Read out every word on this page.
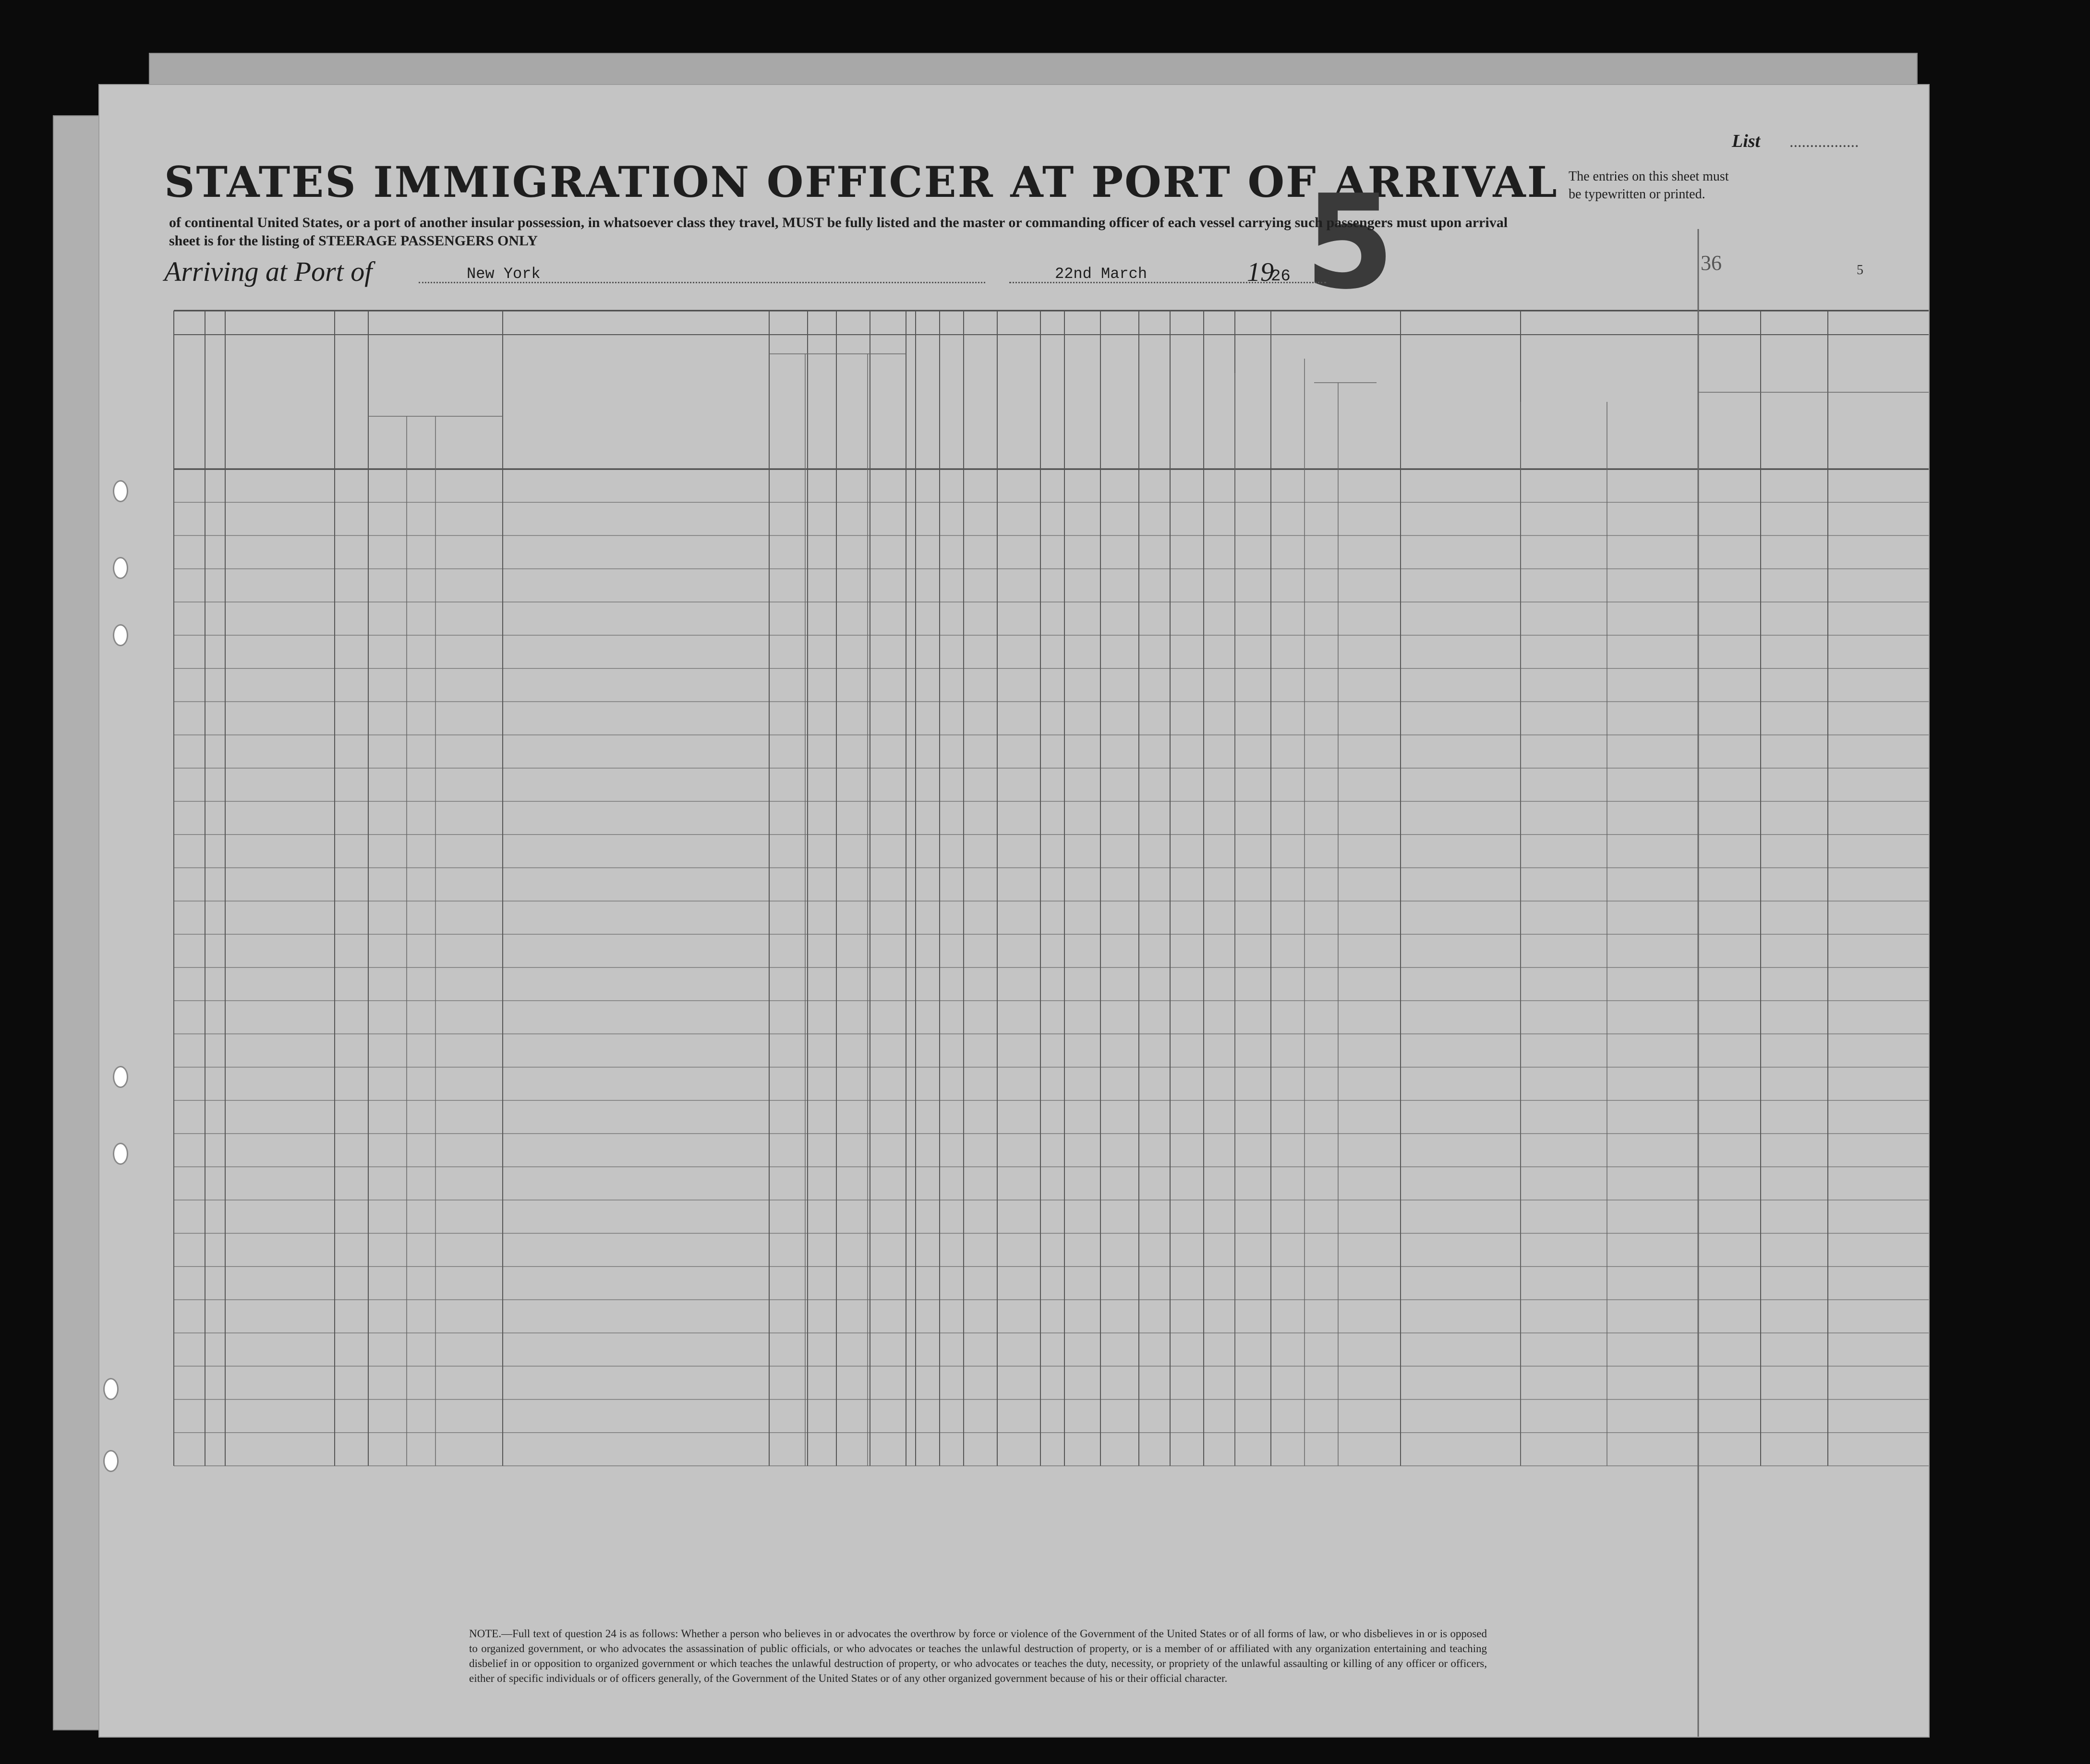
List .................
STATES IMMIGRATION OFFICER AT PORT OF ARRIVAL The entries on this sheet must
be typewritten or printed.
5
of continental United States, or a port of another insular possession, in whatsoever class they travel, MUST be fully listed and the master or commanding officer of each vessel carrying such passengers must upon arrival
sheet is for the listing of STEERAGE PASSENGERS ONLY
Arriving at Port of	New York	22nd March	19
26
36	5
NOTE.—Full text of question 24 is as follows: Whether a person who believes in or advocates the overthrow by force or violence of the Government of the United States or of all forms of law, or who disbelieves in or is opposed to organized government, or who advocates the assassination of public officials, or who advocates or teaches the unlawful destruction of property, or is a member of or affiliated with any organization entertaining and teaching disbelief in or opposition to organized government or which teaches the unlawful destruction of property, or who advocates or teaches the duty, necessity, or propriety of the unlawful assaulting or killing of any officer or officers, either of specific individuals or of officers generally, of the Government of the United States or of any other organized government because of his or their official character.
